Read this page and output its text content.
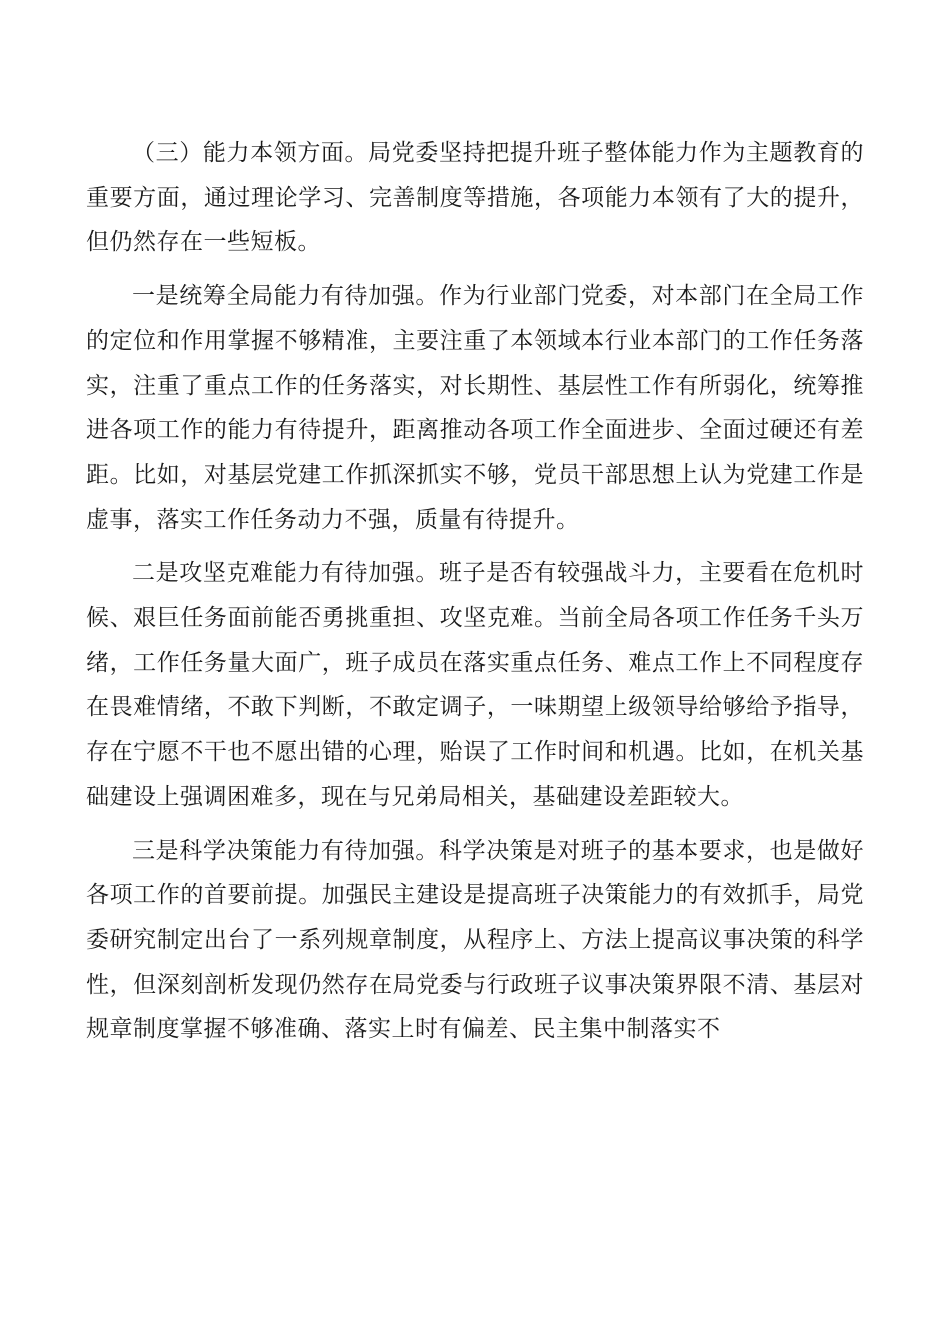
（三）能力本领方面。局党委坚持把提升班子整体能力作为主题教育的重要方面，通过理论学习、完善制度等措施，各项能力本领有了大的提升，但仍然存在一些短板。

一是统筹全局能力有待加强。作为行业部门党委，对本部门在全局工作的定位和作用掌握不够精准，主要注重了本领域本行业本部门的工作任务落实，注重了重点工作的任务落实，对长期性、基层性工作有所弱化，统筹推进各项工作的能力有待提升，距离推动各项工作全面进步、全面过硬还有差距。比如，对基层党建工作抓深抓实不够，党员干部思想上认为党建工作是虚事，落实工作任务动力不强，质量有待提升。

二是攻坚克难能力有待加强。班子是否有较强战斗力，主要看在危机时候、艰巨任务面前能否勇挑重担、攻坚克难。当前全局各项工作任务千头万绪，工作任务量大面广，班子成员在落实重点任务、难点工作上不同程度存在畏难情绪，不敢下判断，不敢定调子，一味期望上级领导给够给予指导，存在宁愿不干也不愿出错的心理，贻误了工作时间和机遇。比如，在机关基础建设上强调困难多，现在与兄弟局相关，基础建设差距较大。

三是科学决策能力有待加强。科学决策是对班子的基本要求，也是做好各项工作的首要前提。加强民主建设是提高班子决策能力的有效抓手，局党委研究制定出台了一系列规章制度，从程序上、方法上提高议事决策的科学性，但深刻剖析发现仍然存在局党委与行政班子议事决策界限不清、基层对规章制度掌握不够准确、落实上时有偏差、民主集中制落实不
